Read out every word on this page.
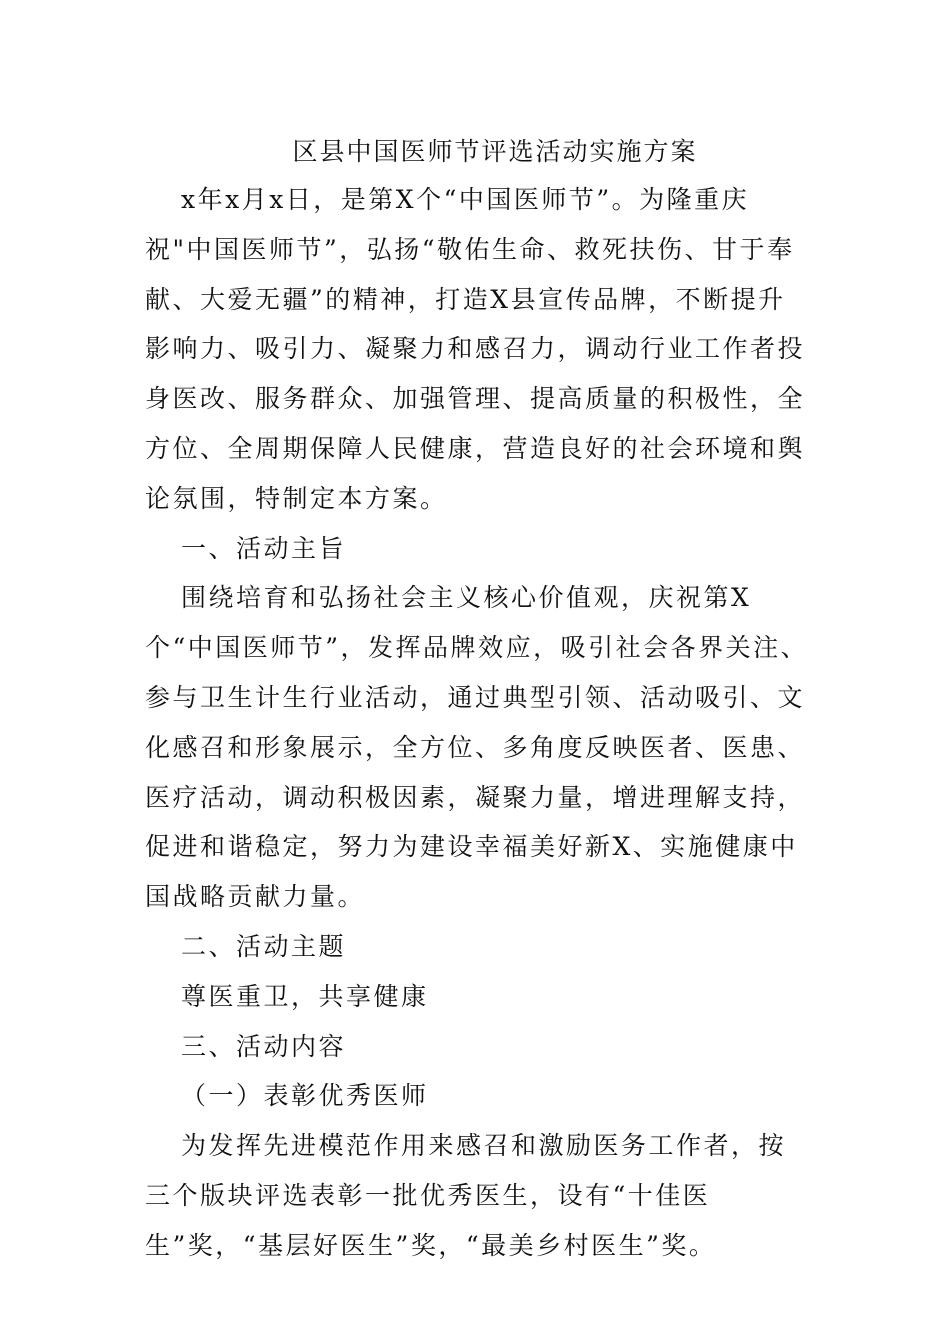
区县中国医师节评选活动实施方案

x年x月x日，是第X个“中国医师节”。为隆重庆祝"中国医师节”，弘扬“敬佑生命、救死扶伤、甘于奉献、大爱无疆”的精神，打造X县宣传品牌，不断提升影响力、吸引力、凝聚力和感召力，调动行业工作者投身医改、服务群众、加强管理、提高质量的积极性，全方位、全周期保障人民健康，营造良好的社会环境和舆论氛围，特制定本方案。

一、活动主旨

围绕培育和弘扬社会主义核心价值观，庆祝第X个“中国医师节”，发挥品牌效应，吸引社会各界关注、参与卫生计生行业活动，通过典型引领、活动吸引、文化感召和形象展示，全方位、多角度反映医者、医患、医疗活动，调动积极因素，凝聚力量，增进理解支持，促进和谐稳定，努力为建设幸福美好新X、实施健康中国战略贡献力量。

二、活动主题

尊医重卫，共享健康

三、活动内容

（一）表彰优秀医师

为发挥先进模范作用来感召和激励医务工作者，按三个版块评选表彰一批优秀医生，设有“十佳医生”奖，“基层好医生”奖，“最美乡村医生”奖。
